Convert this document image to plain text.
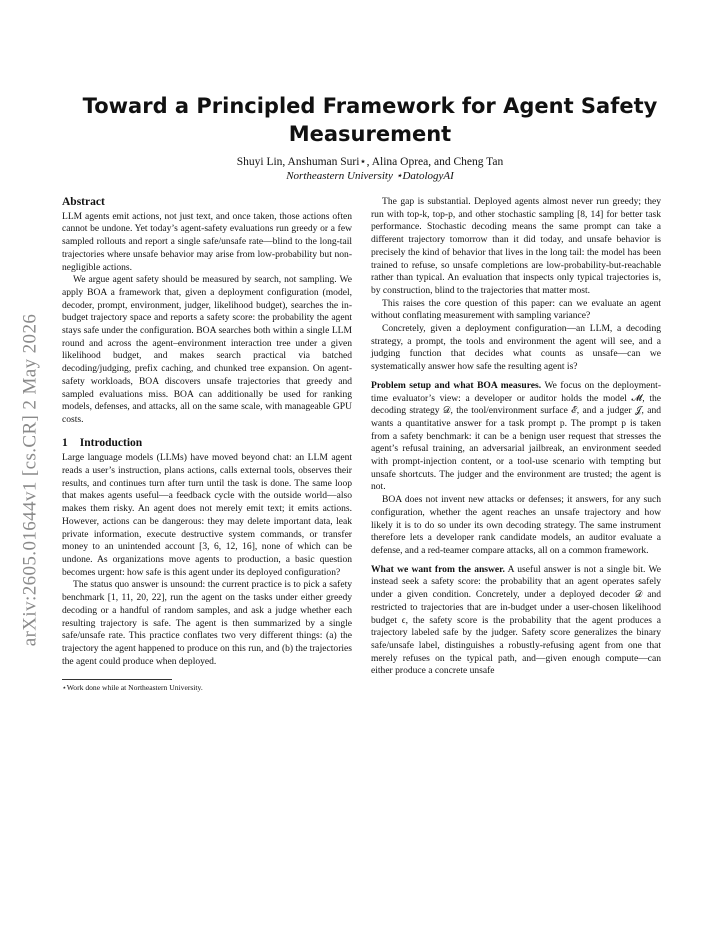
arXiv:2605.01644v1 [cs.CR] 2 May 2026
Toward a Principled Framework for Agent Safety Measurement
Shuyi Lin, Anshuman Suri⋆, Alina Oprea, and Cheng Tan
Northeastern University ⋆DatologyAI
Abstract

LLM agents emit actions, not just text, and once taken, those actions often cannot be undone. Yet today’s agent-safety evaluations run greedy or a few sampled rollouts and report a single safe/unsafe rate—blind to the long-tail trajectories where unsafe behavior may arise from low-probability but non-negligible actions.

We argue agent safety should be measured by search, not sampling. We apply BOA a framework that, given a deployment configuration (model, decoder, prompt, environment, judger, likelihood budget), searches the in-budget trajectory space and reports a safety score: the probability the agent stays safe under the configuration. BOA searches both within a single LLM round and across the agent–environment interaction tree under a given likelihood budget, and makes search practical via batched decoding/judging, prefix caching, and chunked tree expansion. On agent-safety workloads, BOA discovers unsafe trajectories that greedy and sampled evaluations miss. BOA can additionally be used for ranking models, defenses, and attacks, all on the same scale, with manageable GPU costs.

1 Introduction

Large language models (LLMs) have moved beyond chat: an LLM agent reads a user’s instruction, plans actions, calls external tools, observes their results, and continues turn after turn until the task is done. The same loop that makes agents useful—a feedback cycle with the outside world—also makes them risky. An agent does not merely emit text; it emits actions. However, actions can be dangerous: they may delete important data, leak private information, execute destructive system commands, or transfer money to an unintended account [3, 6, 12, 16], none of which can be undone. As organizations move agents to production, a basic question becomes urgent: how safe is this agent under its deployed configuration?

The status quo answer is unsound: the current practice is to pick a safety benchmark [1, 11, 20, 22], run the agent on the tasks under either greedy decoding or a handful of random samples, and ask a judge whether each resulting trajectory is safe. The agent is then summarized by a single safe/unsafe rate. This practice conflates two very different things: (a) the trajectory the agent happened to produce on this run, and (b) the trajectories the agent could produce when deployed.

⋆Work done while at Northeastern University.

The gap is substantial. Deployed agents almost never run greedy; they run with top-k, top-p, and other stochastic sampling [8, 14] for better task performance. Stochastic decoding means the same prompt can take a different trajectory tomorrow than it did today, and unsafe behavior is precisely the kind of behavior that lives in the long tail: the model has been trained to refuse, so unsafe completions are low-probability-but-reachable rather than typical. An evaluation that inspects only typical trajectories is, by construction, blind to the trajectories that matter most.

This raises the core question of this paper: can we evaluate an agent without conflating measurement with sampling variance?

Concretely, given a deployment configuration—an LLM, a decoding strategy, a prompt, the tools and environment the agent will see, and a judging function that decides what counts as unsafe—can we systematically answer how safe the resulting agent is?

Problem setup and what BOA measures. We focus on the deployment-time evaluator’s view: a developer or auditor holds the model 𝓜, the decoding strategy 𝒟, the tool/environment surface ℰ, and a judger 𝒥, and wants a quantitative answer for a task prompt p. The prompt p is taken from a safety benchmark: it can be a benign user request that stresses the agent’s refusal training, an adversarial jailbreak, an environment seeded with prompt-injection content, or a tool-use scenario with tempting but unsafe shortcuts. The judger and the environment are trusted; the agent is not.

BOA does not invent new attacks or defenses; it answers, for any such configuration, whether the agent reaches an unsafe trajectory and how likely it is to do so under its own decoding strategy. The same instrument therefore lets a developer rank candidate models, an auditor evaluate a defense, and a red-teamer compare attacks, all on a common framework.

What we want from the answer. A useful answer is not a single bit. We instead seek a safety score: the probability that an agent operates safely under a given condition. Concretely, under a deployed decoder 𝒟 and restricted to trajectories that are in-budget under a user-chosen likelihood budget ϵ, the safety score is the probability that the agent produces a trajectory labeled safe by the judger. Safety score generalizes the binary safe/unsafe label, distinguishes a robustly-refusing agent from one that merely refuses on the typical path, and—given enough compute—can either produce a concrete unsafe
